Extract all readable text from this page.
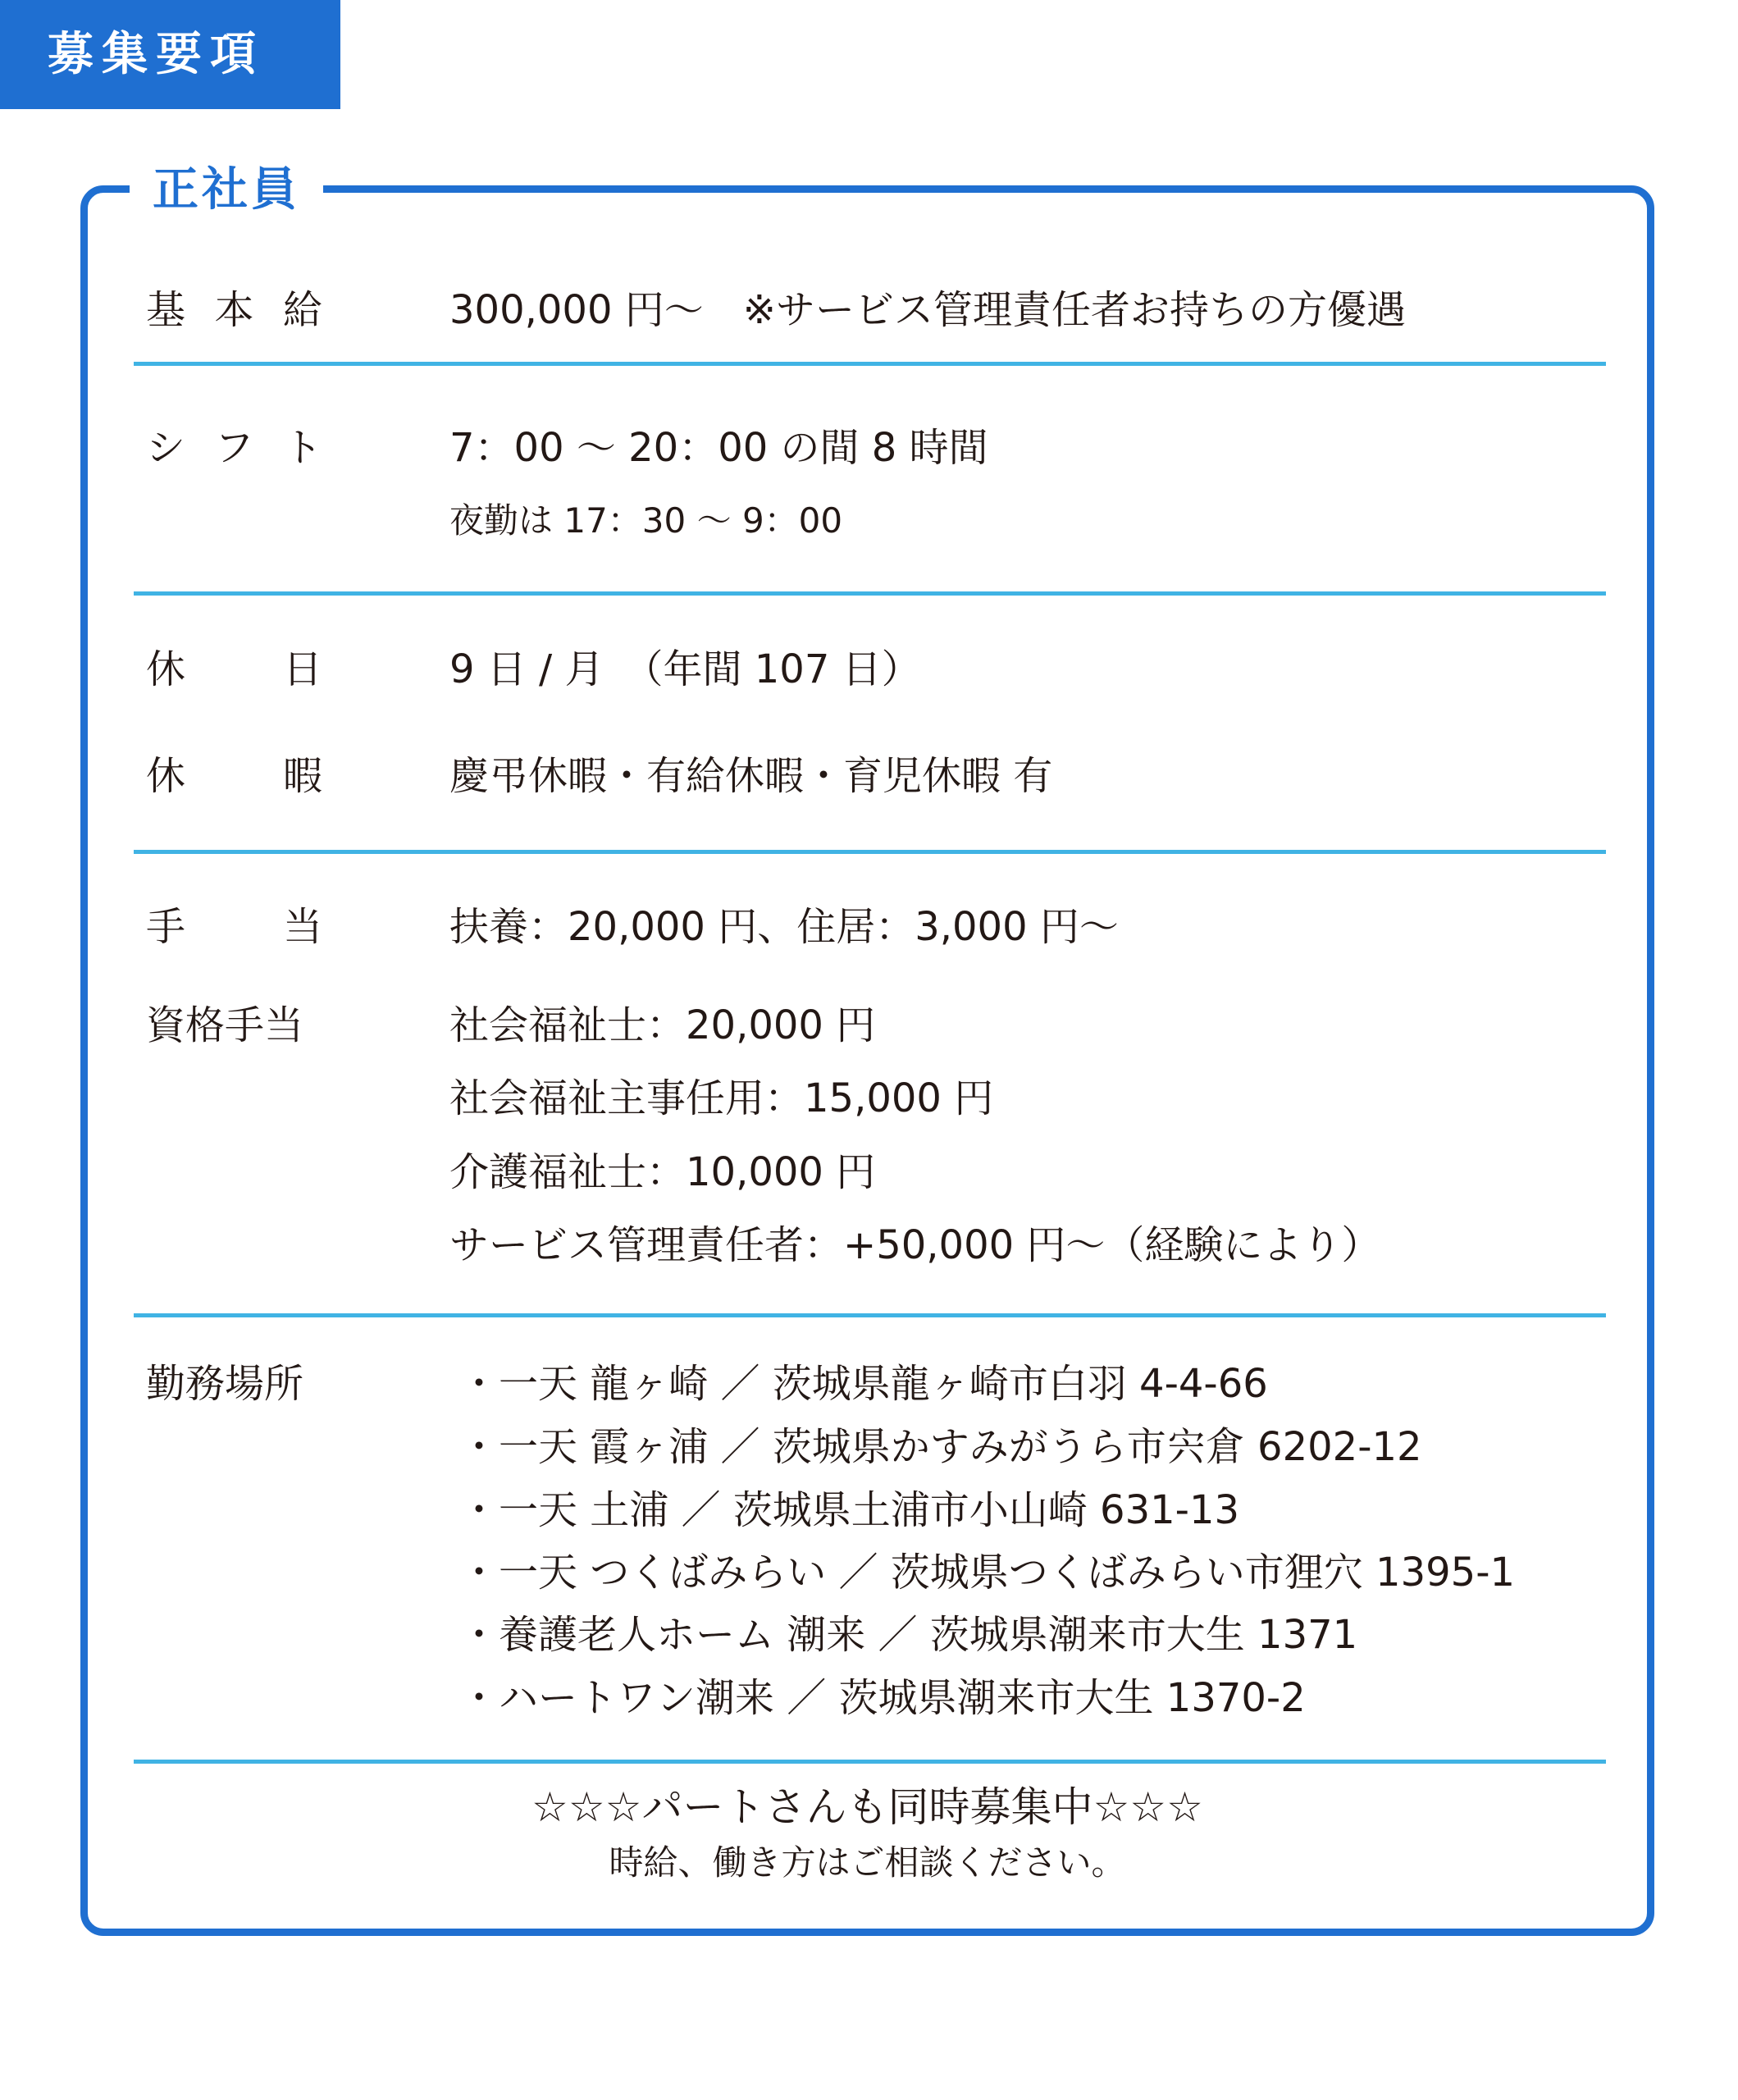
募集要項
正社員
基 本 給	300,000 円～　※サービス管理責任者お持ちの方優遇
シ フ ト	7：00 ～ 20：00 の間 8 時間
夜勤は 17：30 ～ 9：00
休 日	9 日 / 月　（年間 107 日）
休 暇	慶弔休暇・有給休暇・育児休暇 有
手 当	扶養：20,000 円、住居：3,000 円～
資格手当	社会福祉士：20,000 円
社会福祉主事任用：15,000 円
介護福祉士：10,000 円
サービス管理責任者：+50,000 円～（経験により）
勤務場所	・一天 龍ヶ崎 ／ 茨城県龍ヶ崎市白羽 4-4-66
・一天 霞ヶ浦 ／ 茨城県かすみがうら市宍倉 6202-12
・一天 土浦 ／ 茨城県土浦市小山崎 631-13
・一天 つくばみらい ／ 茨城県つくばみらい市狸穴 1395-1
・養護老人ホーム 潮来 ／ 茨城県潮来市大生 1371
・ハートワン潮来 ／ 茨城県潮来市大生 1370-2
☆☆☆パートさんも同時募集中☆☆☆
時給、働き方はご相談ください。
